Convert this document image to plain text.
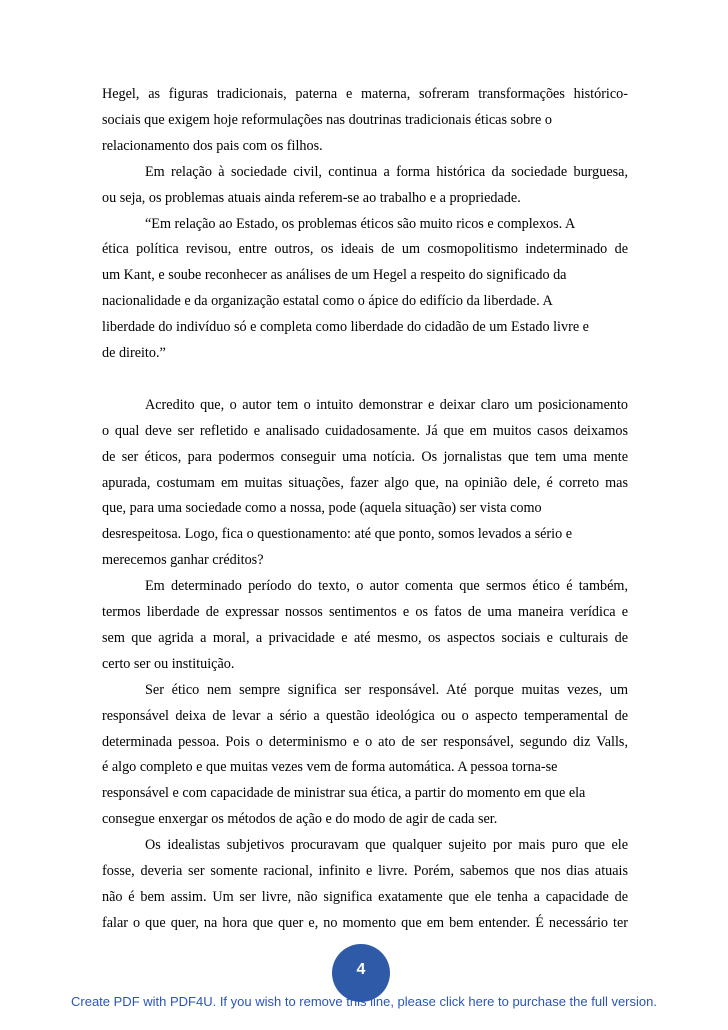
Hegel, as figuras tradicionais, paterna e materna, sofreram transformações histórico-
sociais que exigem hoje reformulações nas doutrinas tradicionais éticas sobre o
relacionamento dos pais com os filhos.
Em relação à sociedade civil, continua a forma histórica da sociedade burguesa,
ou seja, os problemas atuais ainda referem-se ao trabalho e a propriedade.
“Em relação ao Estado, os problemas éticos são muito ricos e complexos. A
ética política revisou, entre outros, os ideais de um cosmopolitismo indeterminado de
um Kant, e soube reconhecer as análises de um Hegel a respeito do significado da
nacionalidade e da organização estatal como o ápice do edifício da liberdade. A
liberdade do indivíduo só e completa como liberdade do cidadão de um Estado livre e
de direito.”
Acredito que, o autor tem o intuito demonstrar e deixar claro um posicionamento
o qual deve ser refletido e analisado cuidadosamente. Já que em muitos casos deixamos
de ser éticos, para podermos conseguir uma notícia. Os jornalistas que tem uma mente
apurada, costumam em muitas situações, fazer algo que, na opinião dele, é correto mas
que, para uma sociedade como a nossa, pode (aquela situação) ser vista como
desrespeitosa. Logo, fica o questionamento: até que ponto, somos levados a sério e
merecemos ganhar créditos?
Em determinado período do texto, o autor comenta que sermos ético é também,
termos liberdade de expressar nossos sentimentos e os fatos de uma maneira verídica e
sem que agrida a moral, a privacidade e até mesmo, os aspectos sociais e culturais de
certo ser ou instituição.
Ser ético nem sempre significa ser responsável. Até porque muitas vezes, um
responsável deixa de levar a sério a questão ideológica ou o aspecto temperamental de
determinada pessoa. Pois o determinismo e o ato de ser responsável, segundo diz Valls,
é algo completo e que muitas vezes vem de forma automática. A pessoa torna-se
responsável e com capacidade de ministrar sua ética, a partir do momento em que ela
consegue enxergar os métodos de ação e do modo de agir de cada ser.
Os idealistas subjetivos procuravam que qualquer sujeito por mais puro que ele
fosse, deveria ser somente racional, infinito e livre. Porém, sabemos que nos dias atuais
não é bem assim. Um ser livre, não significa exatamente que ele tenha a capacidade de
falar o que quer, na hora que quer e, no momento que em bem entender. É necessário ter
4
Create PDF with PDF4U. If you wish to remove this line, please click here to purchase the full version.
